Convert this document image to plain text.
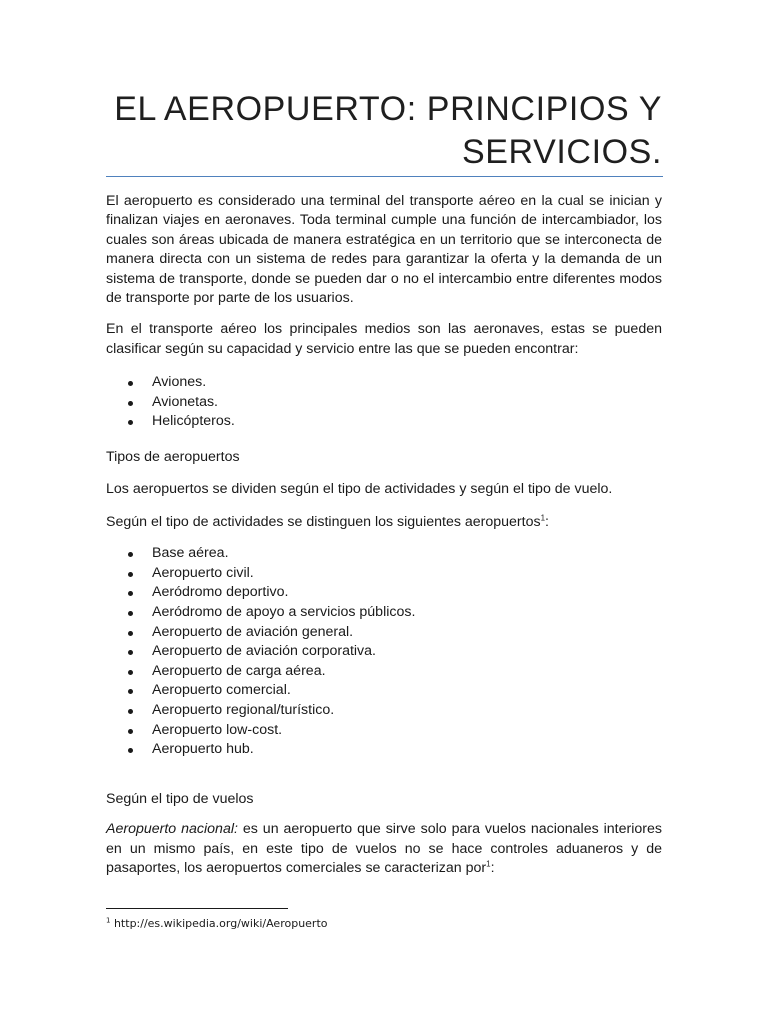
EL AEROPUERTO: PRINCIPIOS Y
SERVICIOS.

El aeropuerto es considerado una terminal del transporte aéreo en la cual se inician y finalizan viajes en aeronaves. Toda terminal cumple una función de intercambiador, los cuales son áreas ubicada de manera estratégica en un territorio que se interconecta de manera directa con un sistema de redes para garantizar la oferta y la demanda de un sistema de transporte, donde se pueden dar o no el intercambio entre diferentes modos de transporte por parte de los usuarios.

En el transporte aéreo los principales medios son las aeronaves, estas se pueden clasificar según su capacidad y servicio entre las que se pueden encontrar:

Aviones.
Avionetas.
Helicópteros.

Tipos de aeropuertos

Los aeropuertos se dividen según el tipo de actividades y según el tipo de vuelo.

Según el tipo de actividades se distinguen los siguientes aeropuertos$^1$:

Base aérea.
Aeropuerto civil.
Aeródromo deportivo.
Aeródromo de apoyo a servicios públicos.
Aeropuerto de aviación general.
Aeropuerto de aviación corporativa.
Aeropuerto de carga aérea.
Aeropuerto comercial.
Aeropuerto regional/turístico.
Aeropuerto low-cost.
Aeropuerto hub.

Según el tipo de vuelos

Aeropuerto nacional: es un aeropuerto que sirve solo para vuelos nacionales interiores en un mismo país, en este tipo de vuelos no se hace controles aduaneros y de pasaportes, los aeropuertos comerciales se caracterizan por$^1$:

$^1$ http://es.wikipedia.org/wiki/Aeropuerto
